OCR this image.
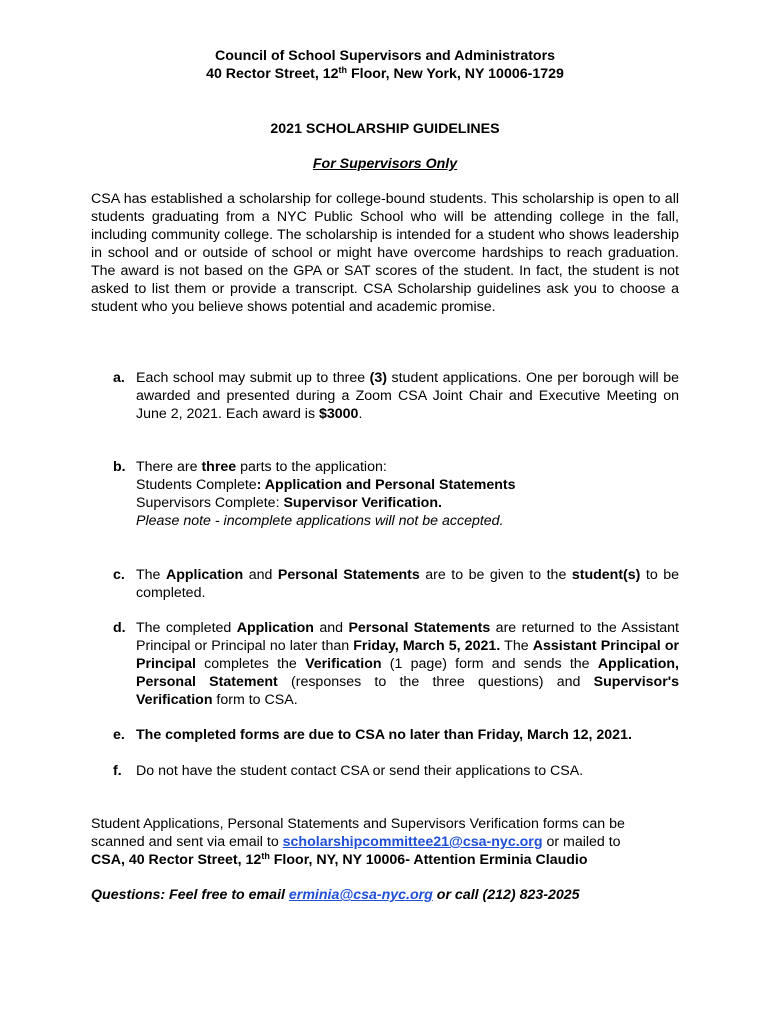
Council of School Supervisors and Administrators
40 Rector Street, 12th Floor, New York, NY 10006-1729
2021 SCHOLARSHIP GUIDELINES
For Supervisors Only
CSA has established a scholarship for college-bound students. This scholarship is open to all students graduating from a NYC Public School who will be attending college in the fall, including community college. The scholarship is intended for a student who shows leadership in school and or outside of school or might have overcome hardships to reach graduation. The award is not based on the GPA or SAT scores of the student. In fact, the student is not asked to list them or provide a transcript. CSA Scholarship guidelines ask you to choose a student who you believe shows potential and academic promise.
a. Each school may submit up to three (3) student applications. One per borough will be awarded and presented during a Zoom CSA Joint Chair and Executive Meeting on June 2, 2021. Each award is $3000.
b. There are three parts to the application:
Students Complete: Application and Personal Statements
Supervisors Complete: Supervisor Verification.
Please note - incomplete applications will not be accepted.
c. The Application and Personal Statements are to be given to the student(s) to be completed.
d. The completed Application and Personal Statements are returned to the Assistant Principal or Principal no later than Friday, March 5, 2021. The Assistant Principal or Principal completes the Verification (1 page) form and sends the Application, Personal Statement (responses to the three questions) and Supervisor's Verification form to CSA.
e. The completed forms are due to CSA no later than Friday, March 12, 2021.
f. Do not have the student contact CSA or send their applications to CSA.
Student Applications, Personal Statements and Supervisors Verification forms can be
scanned and sent via email to scholarshipcommittee21@csa-nyc.org or mailed to
CSA, 40 Rector Street, 12th Floor, NY, NY 10006- Attention Erminia Claudio
Questions: Feel free to email erminia@csa-nyc.org or call (212) 823-2025
